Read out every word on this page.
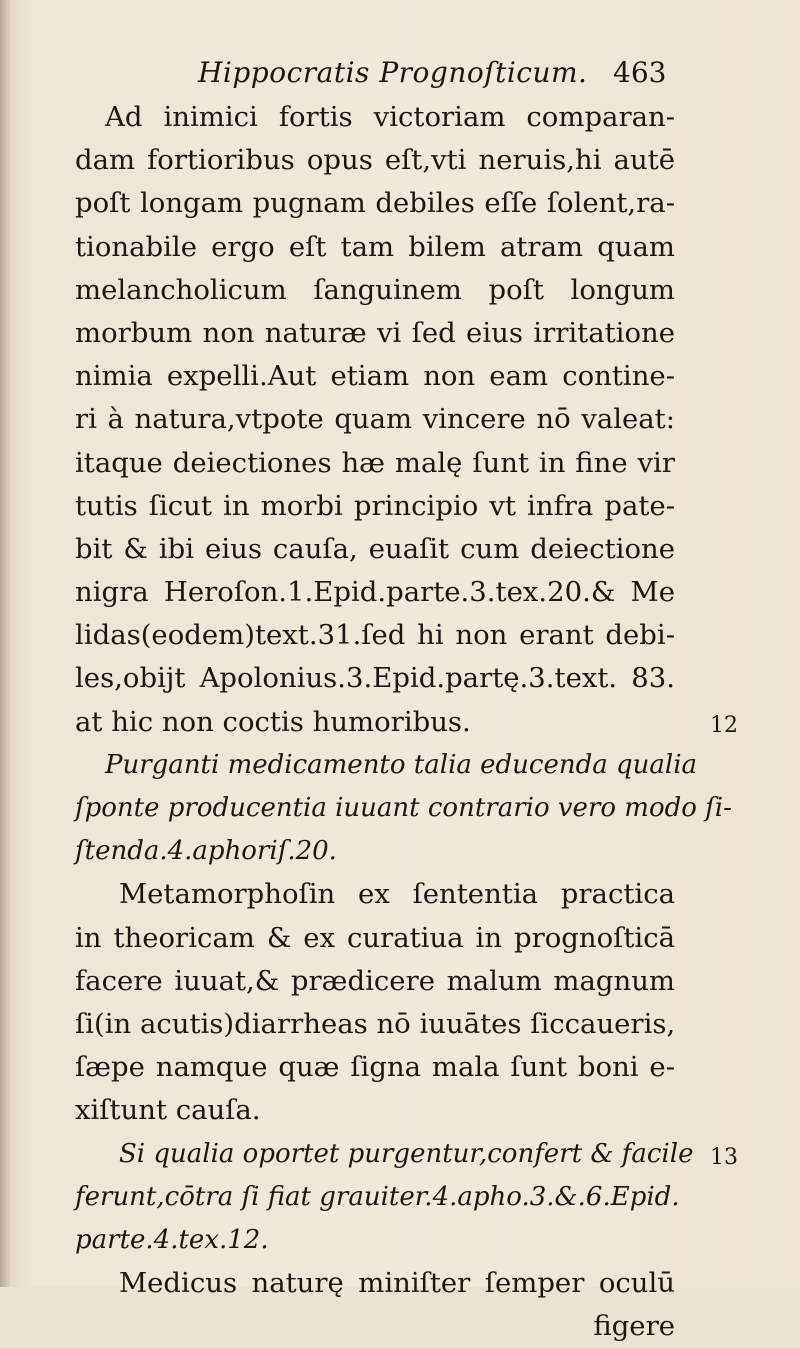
Hippocratis Prognoſticum. 463
Ad inimici fortis victoriam comparan-
dam fortioribus opus eſt,vti neruis,hi autē
poſt longam pugnam debiles eſſe ſolent,ra-
tionabile ergo eſt tam bilem atram quam
melancholicum ſanguinem poſt longum
morbum non naturæ vi ſed eius irritatione
nimia expelli.Aut etiam non eam contine-
ri à natura,vtpote quam vincere nō valeat:
itaque deiectiones hæ malę ſunt in fine vir
tutis ſicut in morbi principio vt infra pate-
bit & ibi eius cauſa, euaſit cum deiectione
nigra Heroſon.1.Epid.parte.3.tex.20.& Me
lidas(eodem)text.31.ſed hi non erant debi-
les,obijt Apolonius.3.Epid.partę.3.text. 83.
at hic non coctis humoribus.
Purganti medicamento talia educenda qualia
ſponte producentia iuuant contrario vero modo ſi-
ſtenda.4.aphoriſ.20.
Metamorphoſin ex ſententia practica
in theoricam & ex curatiua in prognoſticā
facere iuuat,& prædicere malum magnum
ſi(in acutis)diarrheas nō iuuātes ſiccaueris,
ſæpe namque quæ ſigna mala ſunt boni e-
xiſtunt cauſa.
Si qualia oportet purgentur,confert & facile
ferunt,cōtra ſi fiat grauiter.4.apho.3.&.6.Epid.
parte.4.tex.12.
Medicus naturę miniſter ſemper oculū
figere
12
13
